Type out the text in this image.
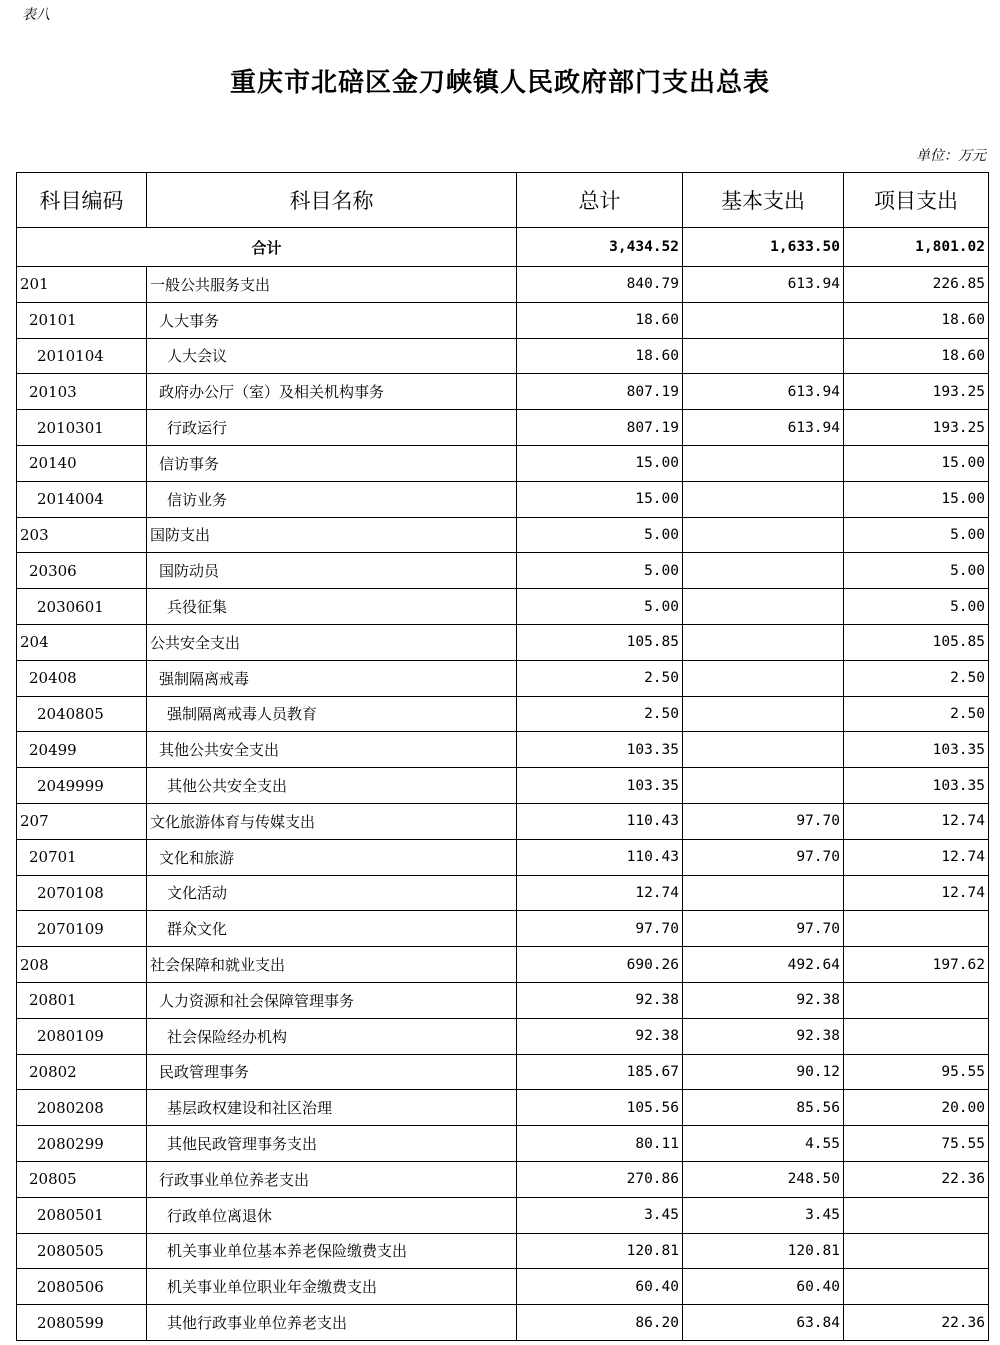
表八
重庆市北碚区金刀峡镇人民政府部门支出总表
单位：万元
科目编码	科目名称	总计	基本支出	项目支出
合计		3,434.52	1,633.50	1,801.02
201	一般公共服务支出	840.79	613.94	226.85
20101	人大事务	18.60		18.60
2010104	人大会议	18.60		18.60
20103	政府办公厅（室）及相关机构事务	807.19	613.94	193.25
2010301	行政运行	807.19	613.94	193.25
20140	信访事务	15.00		15.00
2014004	信访业务	15.00		15.00
203	国防支出	5.00		5.00
20306	国防动员	5.00		5.00
2030601	兵役征集	5.00		5.00
204	公共安全支出	105.85		105.85
20408	强制隔离戒毒	2.50		2.50
2040805	强制隔离戒毒人员教育	2.50		2.50
20499	其他公共安全支出	103.35		103.35
2049999	其他公共安全支出	103.35		103.35
207	文化旅游体育与传媒支出	110.43	97.70	12.74
20701	文化和旅游	110.43	97.70	12.74
2070108	文化活动	12.74		12.74
2070109	群众文化	97.70	97.70	
208	社会保障和就业支出	690.26	492.64	197.62
20801	人力资源和社会保障管理事务	92.38	92.38	
2080109	社会保险经办机构	92.38	92.38	
20802	民政管理事务	185.67	90.12	95.55
2080208	基层政权建设和社区治理	105.56	85.56	20.00
2080299	其他民政管理事务支出	80.11	4.55	75.55
20805	行政事业单位养老支出	270.86	248.50	22.36
2080501	行政单位离退休	3.45	3.45	
2080505	机关事业单位基本养老保险缴费支出	120.81	120.81	
2080506	机关事业单位职业年金缴费支出	60.40	60.40	
2080599	其他行政事业单位养老支出	86.20	63.84	22.36
